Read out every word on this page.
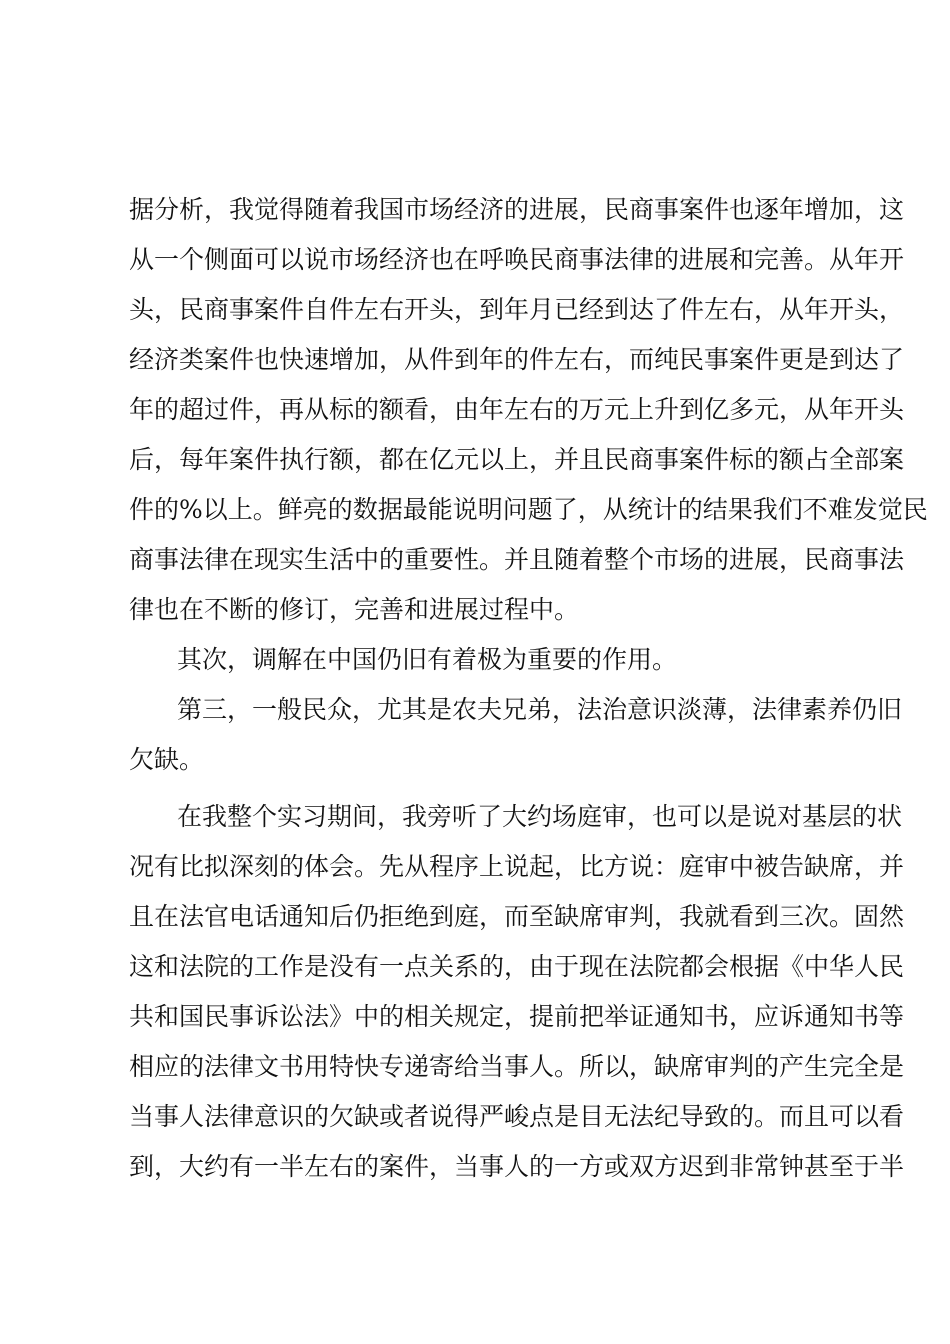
据分析，我觉得随着我国市场经济的进展，民商事案件也逐年增加，这
从一个侧面可以说市场经济也在呼唤民商事法律的进展和完善。从年开
头，民商事案件自件左右开头，到年月已经到达了件左右，从年开头，
经济类案件也快速增加，从件到年的件左右，而纯民事案件更是到达了
年的超过件，再从标的额看，由年左右的万元上升到亿多元，从年开头
后，每年案件执行额，都在亿元以上，并且民商事案件标的额占全部案
件的%以上。鲜亮的数据最能说明问题了，从统计的结果我们不难发觉民
商事法律在现实生活中的重要性。并且随着整个市场的进展，民商事法
律也在不断的修订，完善和进展过程中。
其次，调解在中国仍旧有着极为重要的作用。
第三，一般民众，尤其是农夫兄弟，法治意识淡薄，法律素养仍旧
欠缺。
在我整个实习期间，我旁听了大约场庭审，也可以是说对基层的状
况有比拟深刻的体会。先从程序上说起，比方说：庭审中被告缺席，并
且在法官电话通知后仍拒绝到庭，而至缺席审判，我就看到三次。固然
这和法院的工作是没有一点关系的，由于现在法院都会根据《中华人民
共和国民事诉讼法》中的相关规定，提前把举证通知书，应诉通知书等
相应的法律文书用特快专递寄给当事人。所以，缺席审判的产生完全是
当事人法律意识的欠缺或者说得严峻点是目无法纪导致的。而且可以看
到，大约有一半左右的案件，当事人的一方或双方迟到非常钟甚至于半
